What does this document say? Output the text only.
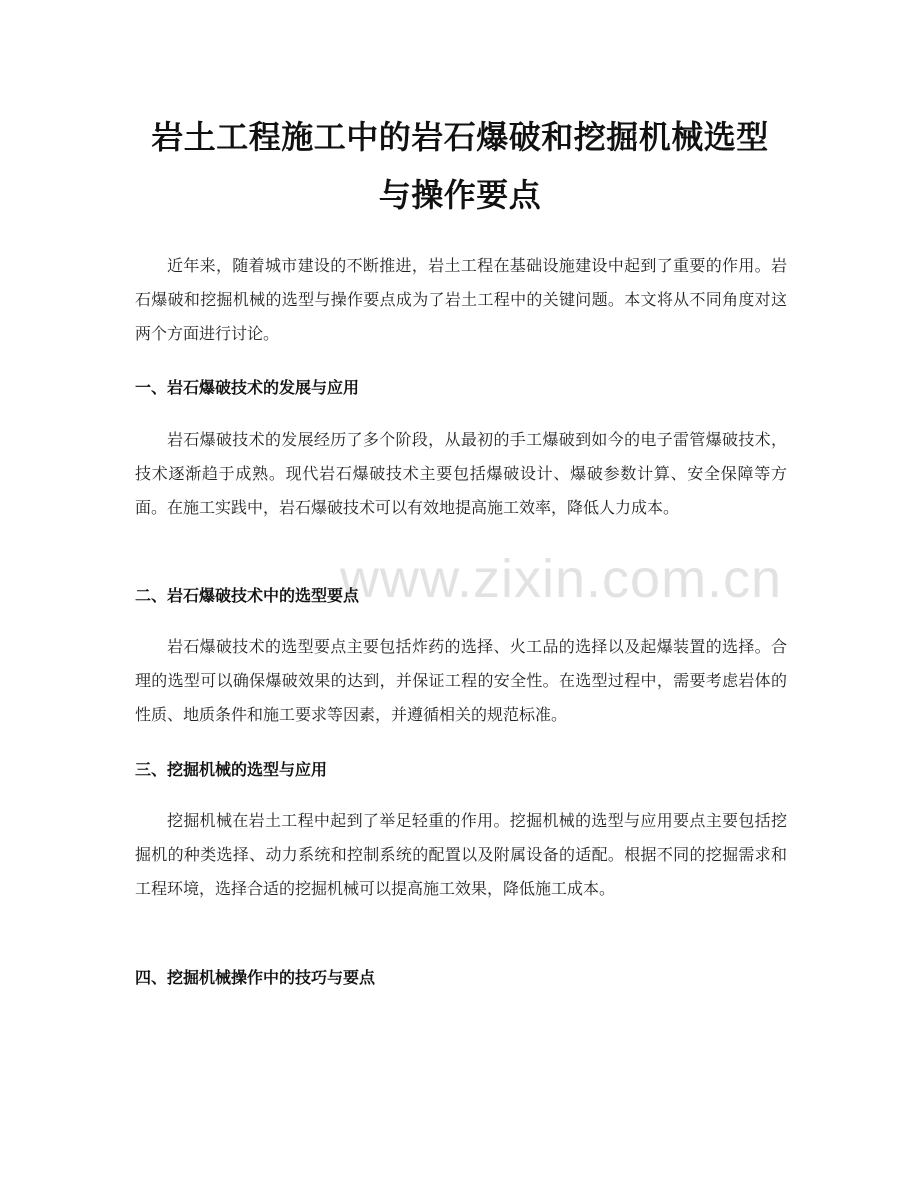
www.zixin.com.cn
岩土工程施工中的岩石爆破和挖掘机械选型
与操作要点

近年来，随着城市建设的不断推进，岩土工程在基础设施建设中起到了重要的作用。岩石爆破和挖掘机械的选型与操作要点成为了岩土工程中的关键问题。本文将从不同角度对这两个方面进行讨论。

一、岩石爆破技术的发展与应用

岩石爆破技术的发展经历了多个阶段，从最初的手工爆破到如今的电子雷管爆破技术，技术逐渐趋于成熟。现代岩石爆破技术主要包括爆破设计、爆破参数计算、安全保障等方面。在施工实践中，岩石爆破技术可以有效地提高施工效率，降低人力成本。

二、岩石爆破技术中的选型要点

岩石爆破技术的选型要点主要包括炸药的选择、火工品的选择以及起爆装置的选择。合理的选型可以确保爆破效果的达到，并保证工程的安全性。在选型过程中，需要考虑岩体的性质、地质条件和施工要求等因素，并遵循相关的规范标准。

三、挖掘机械的选型与应用

挖掘机械在岩土工程中起到了举足轻重的作用。挖掘机械的选型与应用要点主要包括挖掘机的种类选择、动力系统和控制系统的配置以及附属设备的适配。根据不同的挖掘需求和工程环境，选择合适的挖掘机械可以提高施工效果，降低施工成本。

四、挖掘机械操作中的技巧与要点
